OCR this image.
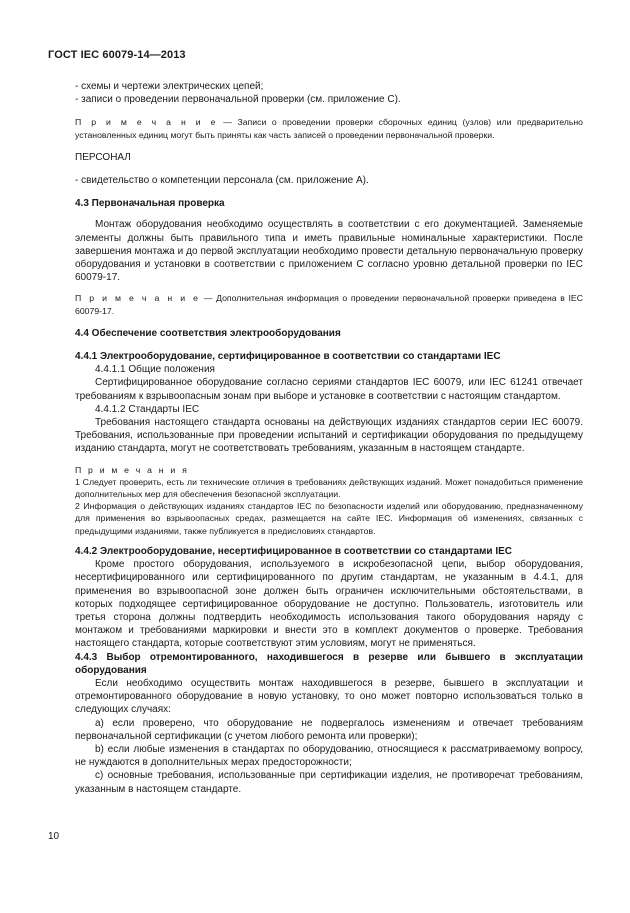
ГОСТ IEC 60079-14—2013

- схемы и чертежи электрических цепей;

- записи о проведении первоначальной проверки (см. приложение С).

П р и м е ч а н и е — Записи о проведении проверки сборочных единиц (узлов) или предварительно установленных единиц могут быть приняты как часть записей о проведении первоначальной проверки.

ПЕРСОНАЛ

- свидетельство о компетенции персонала (см. приложение А).

4.3 Первоначальная проверка

Монтаж оборудования необходимо осуществлять в соответствии с его документацией. Заменяемые элементы должны быть правильного типа и иметь правильные номинальные характеристики. После завершения монтажа и до первой эксплуатации необходимо провести детальную первоначальную проверку оборудования и установки в соответствии с приложением С согласно уровню детальной проверки по IEC 60079-17.

П р и м е ч а н и е — Дополнительная информация о проведении первоначальной проверки приведена в IEC 60079-17.

4.4 Обеспечение соответствия электрооборудования

4.4.1 Электрооборудование, сертифицированное в соответствии со стандартами IEC

4.4.1.1 Общие положения

Сертифицированное оборудование согласно сериями стандартов IEC 60079, или IEC 61241 отвечает требованиям к взрывоопасным зонам при выборе и установке в соответствии с настоящим стандартом.

4.4.1.2 Стандарты IEC

Требования настоящего стандарта основаны на действующих изданиях стандартов серии IEC 60079. Требования, использованные при проведении испытаний и сертификации оборудования по предыдущему изданию стандарта, могут не соответствовать требованиям, указанным в настоящем стандарте.

П р и м е ч а н и я

1 Следует проверить, есть ли технические отличия в требованиях действующих изданий. Может понадобиться применение дополнительных мер для обеспечения безопасной эксплуатации.

2 Информация о действующих изданиях стандартов IEC по безопасности изделий или оборудованию, предназначенному для применения во взрывоопасных средах, размещается на сайте IEC. Информация об изменениях, связанных с предыдущими изданиями, также публикуется в предисловиях стандартов.

4.4.2 Электрооборудование, несертифицированное в соответствии со стандартами IEC

Кроме простого оборудования, используемого в искробезопасной цепи, выбор оборудования, несертифицированного или сертифицированного по другим стандартам, не указанным в 4.4.1, для применения во взрывоопасной зоне должен быть ограничен исключительными обстоятельствами, в которых подходящее сертифицированное оборудование не доступно. Пользователь, изготовитель или третья сторона должны подтвердить необходимость использования такого оборудования наряду с монтажом и требованиями маркировки и внести это в комплект документов о проверке. Требования настоящего стандарта, которые соответствуют этим условиям, могут не применяться.

4.4.3 Выбор отремонтированного, находившегося в резерве или бывшего в эксплуатации оборудования

Если необходимо осуществить монтаж находившегося в резерве, бывшего в эксплуатации и отремонтированного оборудование в новую установку, то оно может повторно использоваться только в следующих случаях:

а) если проверено, что оборудование не подвергалось изменениям и отвечает требованиям первоначальной сертификации (с учетом любого ремонта или проверки);

b) если любые изменения в стандартах по оборудованию, относящиеся к рассматриваемому вопросу, не нуждаются в дополнительных мерах предосторожности;

с) основные требования, использованные при сертификации изделия, не противоречат требованиям, указанным в настоящем стандарте.

10
